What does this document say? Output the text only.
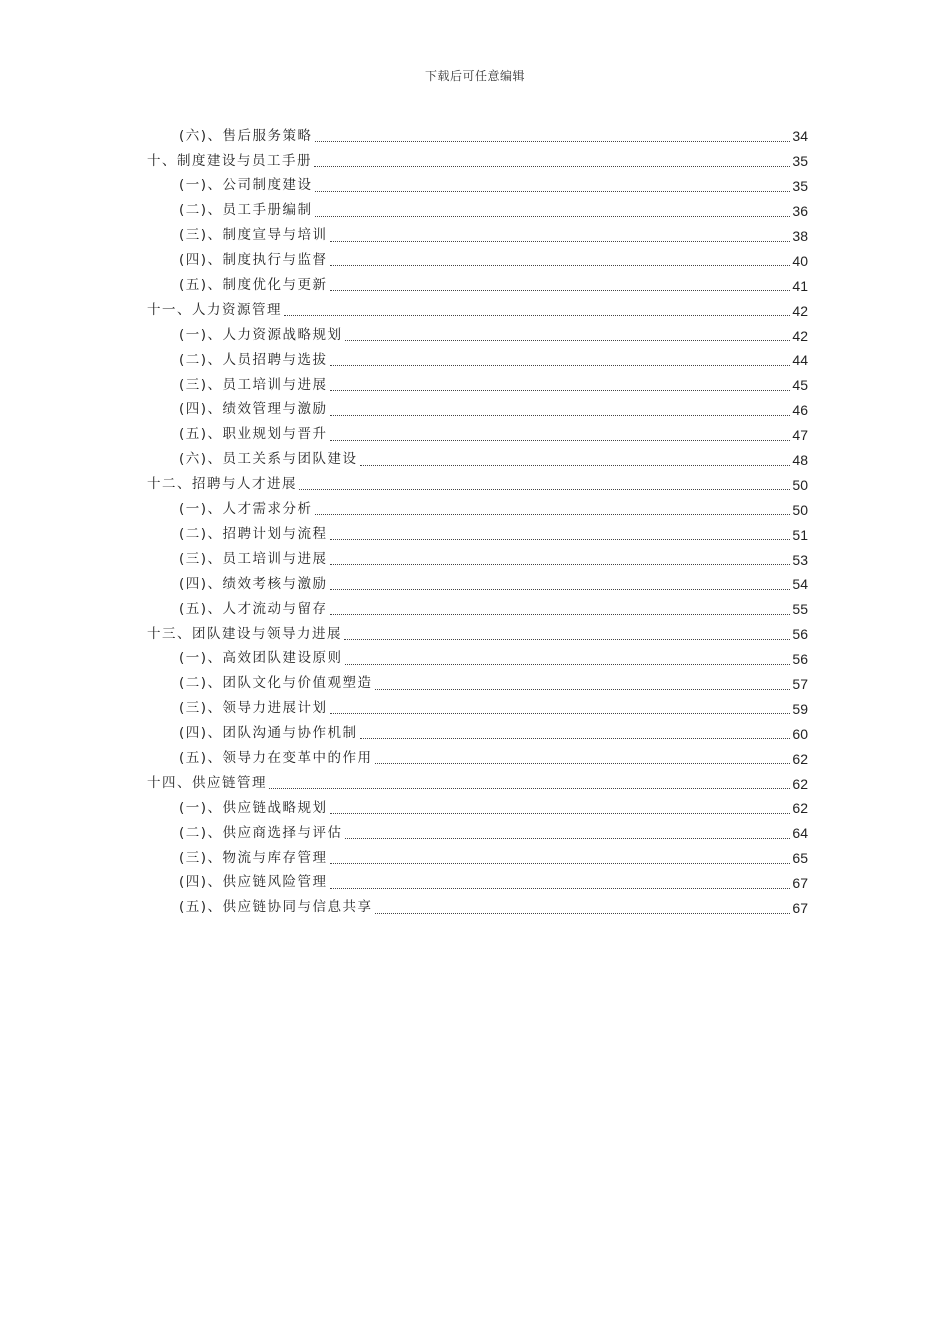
下载后可任意编辑
(六)、售后服务策略	34
十、制度建设与员工手册	35
(一)、公司制度建设	35
(二)、员工手册编制	36
(三)、制度宣导与培训	38
(四)、制度执行与监督	40
(五)、制度优化与更新	41
十一、人力资源管理	42
(一)、人力资源战略规划	42
(二)、人员招聘与选拔	44
(三)、员工培训与进展	45
(四)、绩效管理与激励	46
(五)、职业规划与晋升	47
(六)、员工关系与团队建设	48
十二、招聘与人才进展	50
(一)、人才需求分析	50
(二)、招聘计划与流程	51
(三)、员工培训与进展	53
(四)、绩效考核与激励	54
(五)、人才流动与留存	55
十三、团队建设与领导力进展	56
(一)、高效团队建设原则	56
(二)、团队文化与价值观塑造	57
(三)、领导力进展计划	59
(四)、团队沟通与协作机制	60
(五)、领导力在变革中的作用	62
十四、供应链管理	62
(一)、供应链战略规划	62
(二)、供应商选择与评估	64
(三)、物流与库存管理	65
(四)、供应链风险管理	67
(五)、供应链协同与信息共享	67
